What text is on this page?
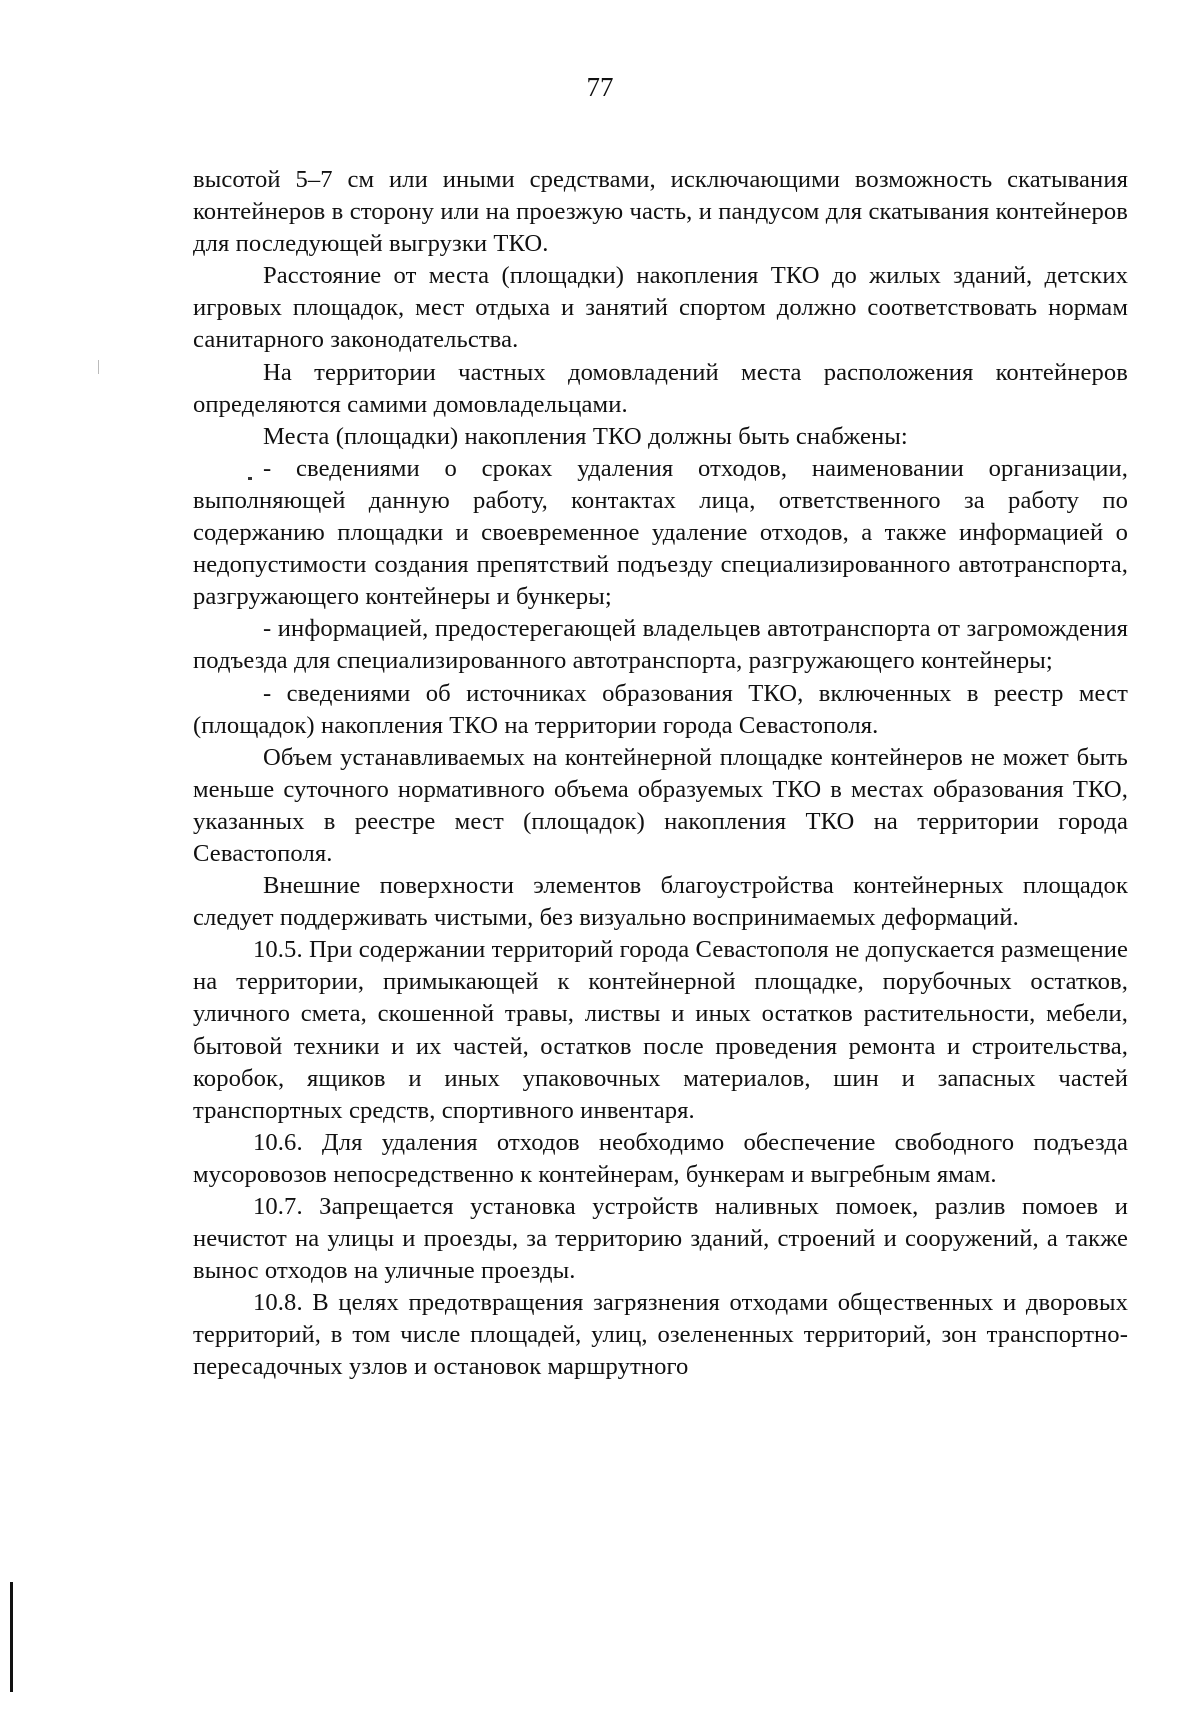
77

высотой 5–7 см или иными средствами, исключающими возможность скатывания контейнеров в сторону или на проезжую часть, и пандусом для скатывания контейнеров для последующей выгрузки ТКО.

Расстояние от места (площадки) накопления ТКО до жилых зданий, детских игровых площадок, мест отдыха и занятий спортом должно соответствовать нормам санитарного законодательства.

На территории частных домовладений места расположения контейнеров определяются самими домовладельцами.

Места (площадки) накопления ТКО должны быть снабжены:

- сведениями о сроках удаления отходов, наименовании организации, выполняющей данную работу, контактах лица, ответственного за работу по содержанию площадки и своевременное удаление отходов, а также информацией о недопустимости создания препятствий подъезду специализированного автотранспорта, разгружающего контейнеры и бункеры;

- информацией, предостерегающей владельцев автотранспорта от загромождения подъезда для специализированного автотранспорта, разгружающего контейнеры;

- сведениями об источниках образования ТКО, включенных в реестр мест (площадок) накопления ТКО на территории города Севастополя.

Объем устанавливаемых на контейнерной площадке контейнеров не может быть меньше суточного нормативного объема образуемых ТКО в местах образования ТКО, указанных в реестре мест (площадок) накопления ТКО на территории города Севастополя.

Внешние поверхности элементов благоустройства контейнерных площадок следует поддерживать чистыми, без визуально воспринимаемых деформаций.

10.5. При содержании территорий города Севастополя не допускается размещение на территории, примыкающей к контейнерной площадке, порубочных остатков, уличного смета, скошенной травы, листвы и иных остатков растительности, мебели, бытовой техники и их частей, остатков после проведения ремонта и строительства, коробок, ящиков и иных упаковочных материалов, шин и запасных частей транспортных средств, спортивного инвентаря.

10.6. Для удаления отходов необходимо обеспечение свободного подъезда мусоровозов непосредственно к контейнерам, бункерам и выгребным ямам.

10.7. Запрещается установка устройств наливных помоек, разлив помоев и нечистот на улицы и проезды, за территорию зданий, строений и сооружений, а также вынос отходов на уличные проезды.

10.8. В целях предотвращения загрязнения отходами общественных и дворовых территорий, в том числе площадей, улиц, озелененных территорий, зон транспортно-пересадочных узлов и остановок маршрутного
